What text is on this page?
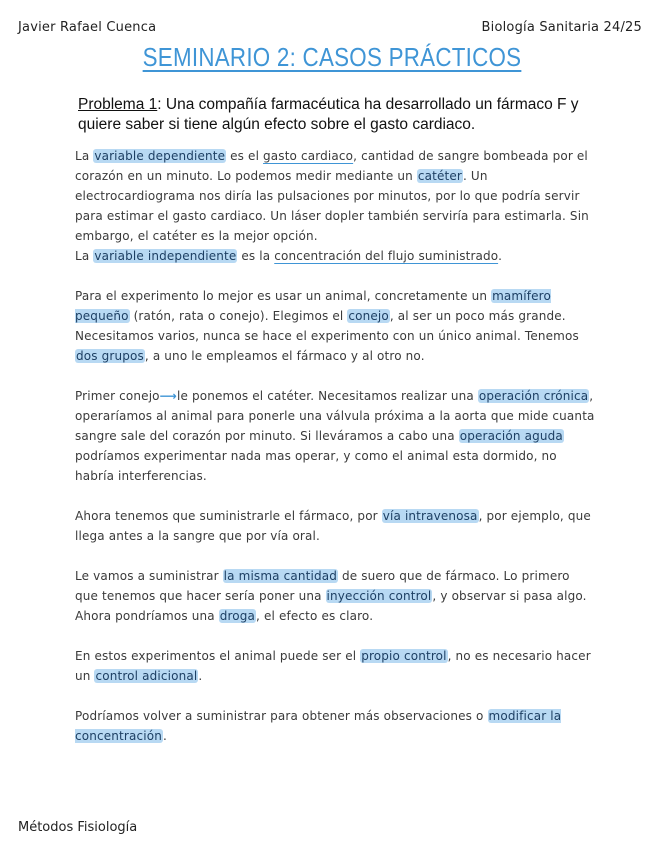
Javier Rafael Cuenca	Biología Sanitaria 24/25
SEMINARIO 2: CASOS PRÁCTICOS
Problema 1: Una compañía farmacéutica ha desarrollado un fármaco F y quiere saber si tiene algún efecto sobre el gasto cardiaco.

La variable dependiente es el gasto cardiaco, cantidad de sangre bombeada por el corazón en un minuto. Lo podemos medir mediante un catéter. Un electrocardiograma nos diría las pulsaciones por minutos, por lo que podría servir para estimar el gasto cardiaco. Un láser dopler también serviría para estimarla. Sin embargo, el catéter es la mejor opción.
La variable independiente es la concentración del flujo suministrado.

Para el experimento lo mejor es usar un animal, concretamente un mamífero pequeño (ratón, rata o conejo). Elegimos el conejo, al ser un poco más grande. Necesitamos varios, nunca se hace el experimento con un único animal. Tenemos dos grupos, a uno le empleamos el fármaco y al otro no.

Primer conejo⟶le ponemos el catéter. Necesitamos realizar una operación crónica, operaríamos al animal para ponerle una válvula próxima a la aorta que mide cuanta sangre sale del corazón por minuto. Si lleváramos a cabo una operación aguda podríamos experimentar nada mas operar, y como el animal esta dormido, no habría interferencias.

Ahora tenemos que suministrarle el fármaco, por vía intravenosa, por ejemplo, que llega antes a la sangre que por vía oral.

Le vamos a suministrar la misma cantidad de suero que de fármaco. Lo primero que tenemos que hacer sería poner una inyección control, y observar si pasa algo. Ahora pondríamos una droga, el efecto es claro.

En estos experimentos el animal puede ser el propio control, no es necesario hacer un control adicional.

Podríamos volver a suministrar para obtener más observaciones o modificar la concentración.

Métodos Fisiología
